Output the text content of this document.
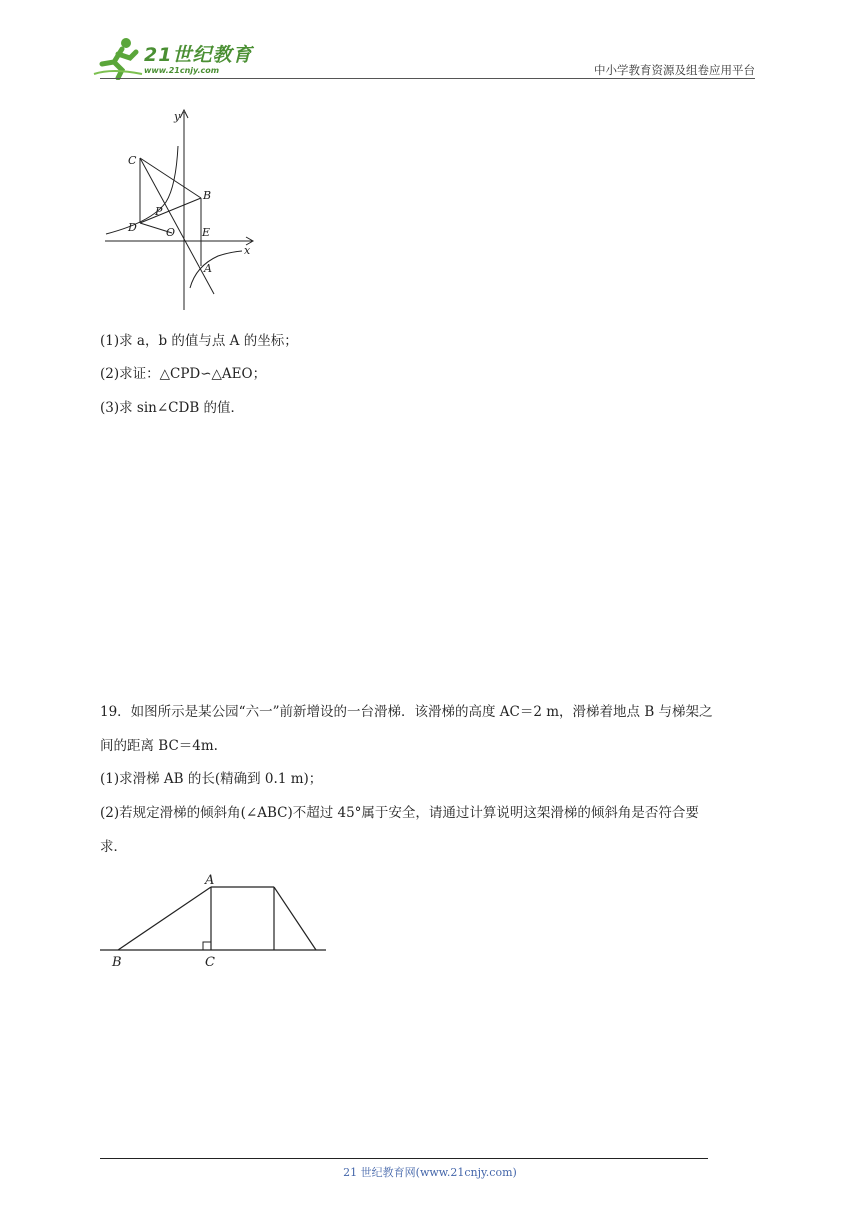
21世纪教育
www.21cnjy.com	中小学教育资源及组卷应用平台
y
x
C
B
P
D	O E
A
(1)求 a，b 的值与点 A 的坐标；
(2)求证：△CPD∽△AEO；
(3)求 sin∠CDB 的值．
19．如图所示是某公园“六一”前新增设的一台滑梯．该滑梯的高度 AC＝2 m，滑梯着地点 B 与梯架之
间的距离 BC＝4m.
(1)求滑梯 AB 的长(精确到 0.1 m)；
(2)若规定滑梯的倾斜角(∠ABC)不超过 45°属于安全，请通过计算说明这架滑梯的倾斜角是否符合要
求．
A
B	C
21 世纪教育网(www.21cnjy.com)
